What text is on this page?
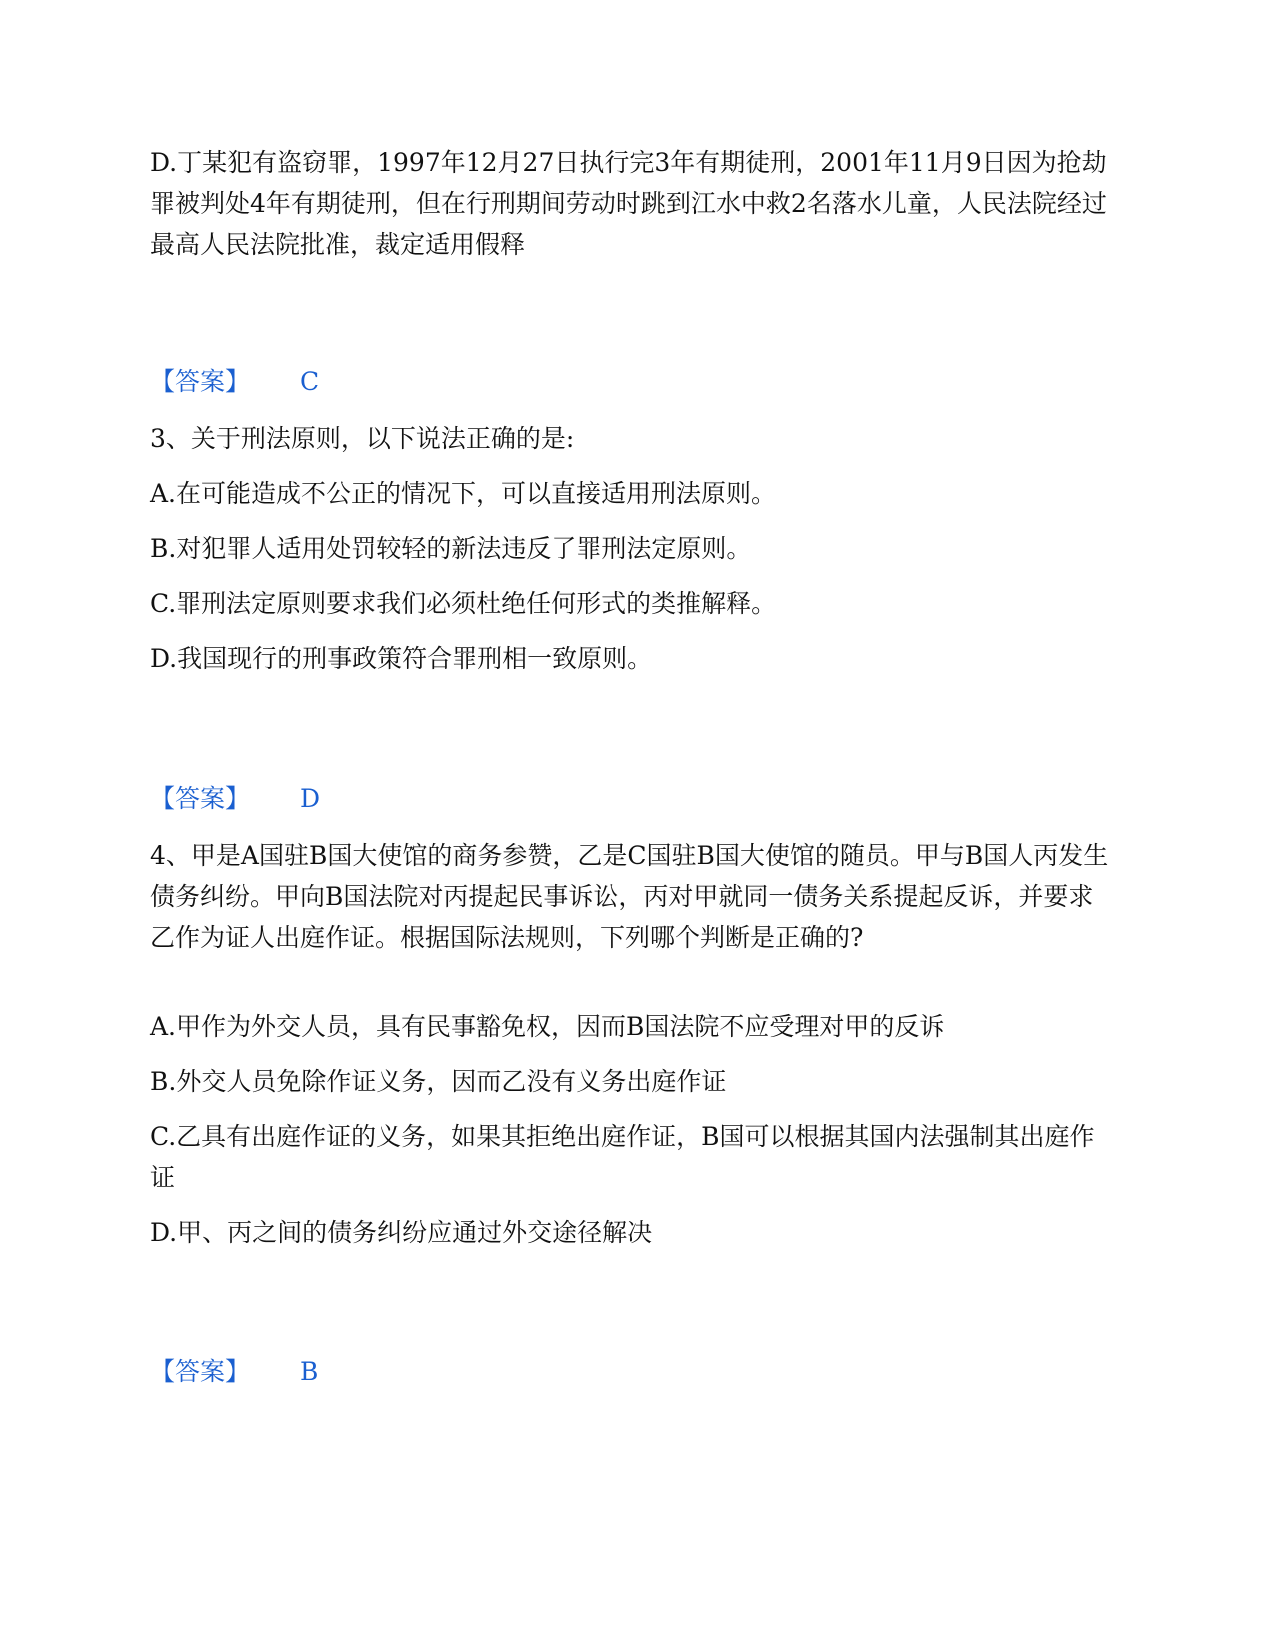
D.丁某犯有盗窃罪，1997年12月27日执行完3年有期徒刑，2001年11月9日因为抢劫罪被判处4年有期徒刑，但在行刑期间劳动时跳到江水中救2名落水儿童，人民法院经过最高人民法院批准，裁定适用假释

【答案】 C

3、关于刑法原则，以下说法正确的是:

A.在可能造成不公正的情况下，可以直接适用刑法原则。

B.对犯罪人适用处罚较轻的新法违反了罪刑法定原则。

C.罪刑法定原则要求我们必须杜绝任何形式的类推解释。

D.我国现行的刑事政策符合罪刑相一致原则。

【答案】 D

4、甲是A国驻B国大使馆的商务参赞，乙是C国驻B国大使馆的随员。甲与B国人丙发生债务纠纷。甲向B国法院对丙提起民事诉讼，丙对甲就同一债务关系提起反诉，并要求乙作为证人出庭作证。根据国际法规则，下列哪个判断是正确的?

A.甲作为外交人员，具有民事豁免权，因而B国法院不应受理对甲的反诉

B.外交人员免除作证义务，因而乙没有义务出庭作证

C.乙具有出庭作证的义务，如果其拒绝出庭作证，B国可以根据其国内法强制其出庭作证

D.甲、丙之间的债务纠纷应通过外交途径解决

【答案】 B
